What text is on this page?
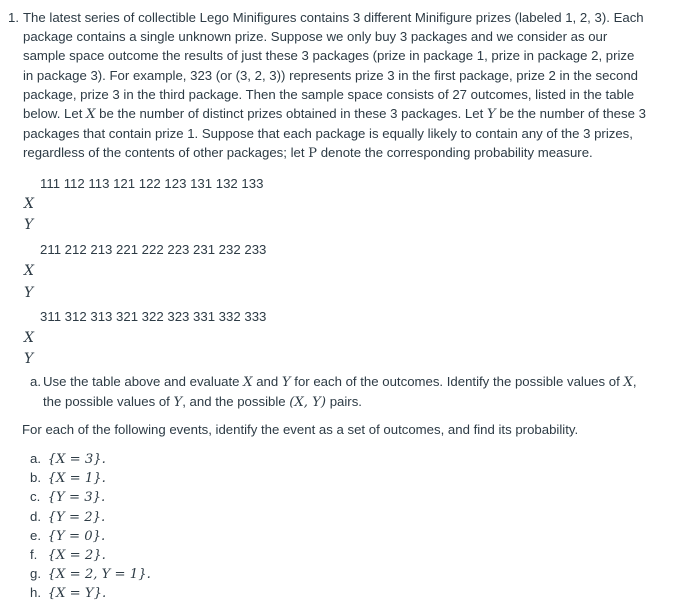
1. The latest series of collectible Lego Minifigures contains 3 different Minifigure prizes (labeled 1, 2, 3). Each package contains a single unknown prize. Suppose we only buy 3 packages and we consider as our sample space outcome the results of just these 3 packages (prize in package 1, prize in package 2, prize in package 3). For example, 323 (or (3, 2, 3)) represents prize 3 in the first package, prize 2 in the second package, prize 3 in the third package. Then the sample space consists of 27 outcomes, listed in the table below. Let X be the number of distinct prizes obtained in these 3 packages. Let Y be the number of these 3 packages that contain prize 1. Suppose that each package is equally likely to contain any of the 3 prizes, regardless of the contents of other packages; let P denote the corresponding probability measure.
111 112 113 121 122 123 131 132 133
X
Y
211 212 213 221 222 223 231 232 233
X
Y
311 312 313 321 322 323 331 332 333
X
Y
a. Use the table above and evaluate X and Y for each of the outcomes. Identify the possible values of X, the possible values of Y, and the possible (X, Y) pairs.
For each of the following events, identify the event as a set of outcomes, and find its probability.
a. {X = 3}.
b. {X = 1}.
c. {Y = 3}.
d. {Y = 2}.
e. {Y = 0}.
f. {X = 2}.
g. {X = 2, Y = 1}.
h. {X = Y}.
